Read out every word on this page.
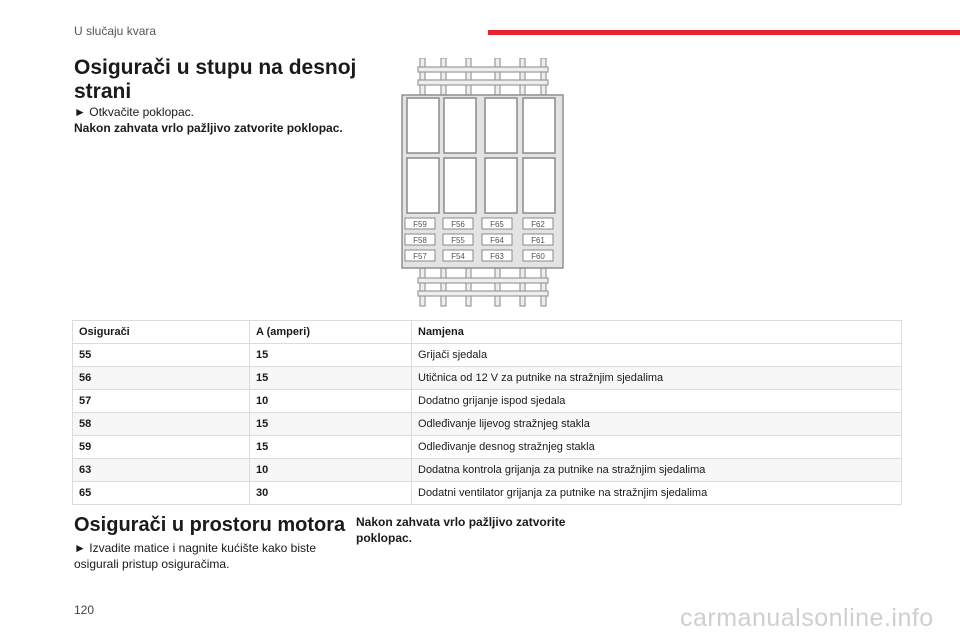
U slučaju kvara
Osigurači u stupu na desnoj strani

► Otkvačite poklopac.
Nakon zahvata vrlo pažljivo zatvorite poklopac.

F59	F56	F65	F62
F58	F55	F64	F61
F57	F54	F63	F60
Osigurači	A (amperi)	Namjena
55	15	Grijači sjedala
56	15	Utičnica od 12 V za putnike na stražnjim sjedalima
57	10	Dodatno grijanje ispod sjedala
58	15	Odleđivanje lijevog stražnjeg stakla
59	15	Odleđivanje desnog stražnjeg stakla
63	10	Dodatna kontrola grijanja za putnike na stražnjim sjedalima
65	30	Dodatni ventilator grijanja za putnike na stražnjim sjedalima
Osigurači u prostoru motora

► Izvadite matice i nagnite kućište kako biste osigurali pristup osiguračima.

Nakon zahvata vrlo pažljivo zatvorite poklopac.

120	carmanualsonline.info
